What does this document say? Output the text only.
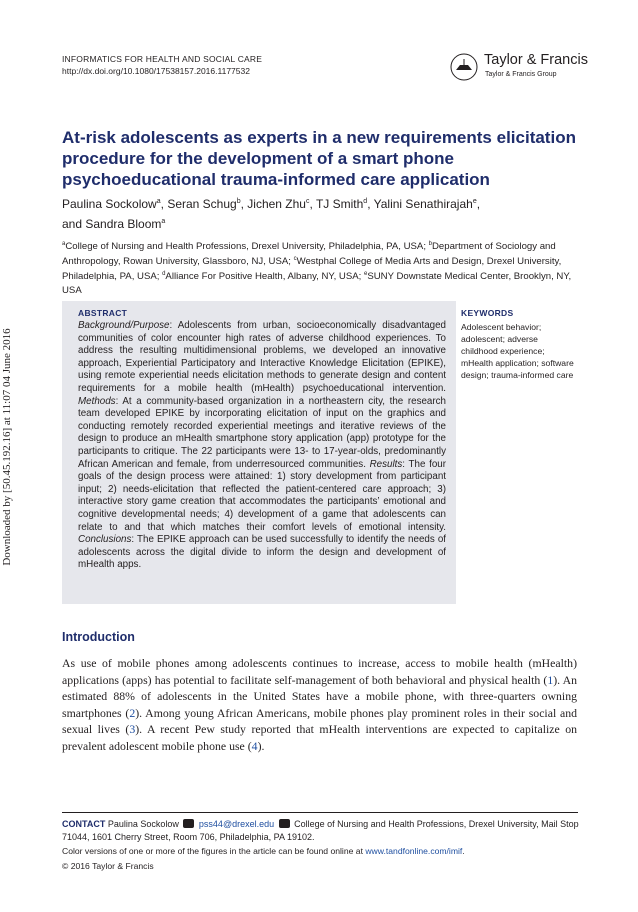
Downloaded by [50.45.192.16] at 11:07 04 June 2016
INFORMATICS FOR HEALTH AND SOCIAL CARE
http://dx.doi.org/10.1080/17538157.2016.1177532
Taylor & Francis
Taylor & Francis Group
At-risk adolescents as experts in a new requirements elicitation procedure for the development of a smart phone psychoeducational trauma-informed care application
Paulina Sockolow$^a$, Seran Schug$^b$, Jichen Zhu$^c$, TJ Smith$^d$, Yalini Senathirajah$^e$,
and Sandra Bloom$^a$
$^a$College of Nursing and Health Professions, Drexel University, Philadelphia, PA, USA; $^b$Department of Sociology and Anthropology, Rowan University, Glassboro, NJ, USA; $^c$Westphal College of Media Arts and Design, Drexel University, Philadelphia, PA, USA; $^d$Alliance For Positive Health, Albany, NY, USA; $^e$SUNY Downstate Medical Center, Brooklyn, NY, USA
ABSTRACT
Background/Purpose: Adolescents from urban, socioeconomically disadvantaged communities of color encounter high rates of adverse childhood experiences. To address the resulting multidimensional problems, we developed an innovative approach, Experiential Participatory and Interactive Knowledge Elicitation (EPIKE), using remote experiential needs elicitation methods to generate design and content requirements for a mobile health (mHealth) psychoeducational intervention. Methods: At a community-based organization in a northeastern city, the research team developed EPIKE by incorporating elicitation of input on the graphics and conducting remotely recorded experiential meetings and iterative reviews of the design to produce an mHealth smartphone story application (app) prototype for the participants to critique. The 22 participants were 13- to 17-year-olds, predominantly African American and female, from underresourced communities. Results: The four goals of the design process were attained: 1) story development from participant input; 2) needs-elicitation that reflected the patient-centered care approach; 3) interactive story game creation that accommodates the participants’ emotional and cognitive developmental needs; 4) development of a game that adolescents can relate to and that which matches their comfort levels of emotional intensity. Conclusions: The EPIKE approach can be used successfully to identify the needs of adolescents across the digital divide to inform the design and development of mHealth apps.
KEYWORDS
Adolescent behavior; adolescent; adverse childhood experience; mHealth application; software design; trauma-informed care
Introduction
As use of mobile phones among adolescents continues to increase, access to mobile health (mHealth) applications (apps) has potential to facilitate self-management of both behavioral and physical health (1). An estimated 88% of adolescents in the United States have a mobile phone, with three-quarters owning smartphones (2). Among young African Americans, mobile phones play prominent roles in their social and sexual lives (3). A recent Pew study reported that mHealth interventions are expected to capitalize on prevalent adolescent mobile phone use (4).
CONTACT Paulina Sockolow pss44@drexel.edu College of Nursing and Health Professions, Drexel University, Mail Stop 71044, 1601 Cherry Street, Room 706, Philadelphia, PA 19102.
Color versions of one or more of the figures in the article can be found online at www.tandfonline.com/imif.
© 2016 Taylor & Francis
